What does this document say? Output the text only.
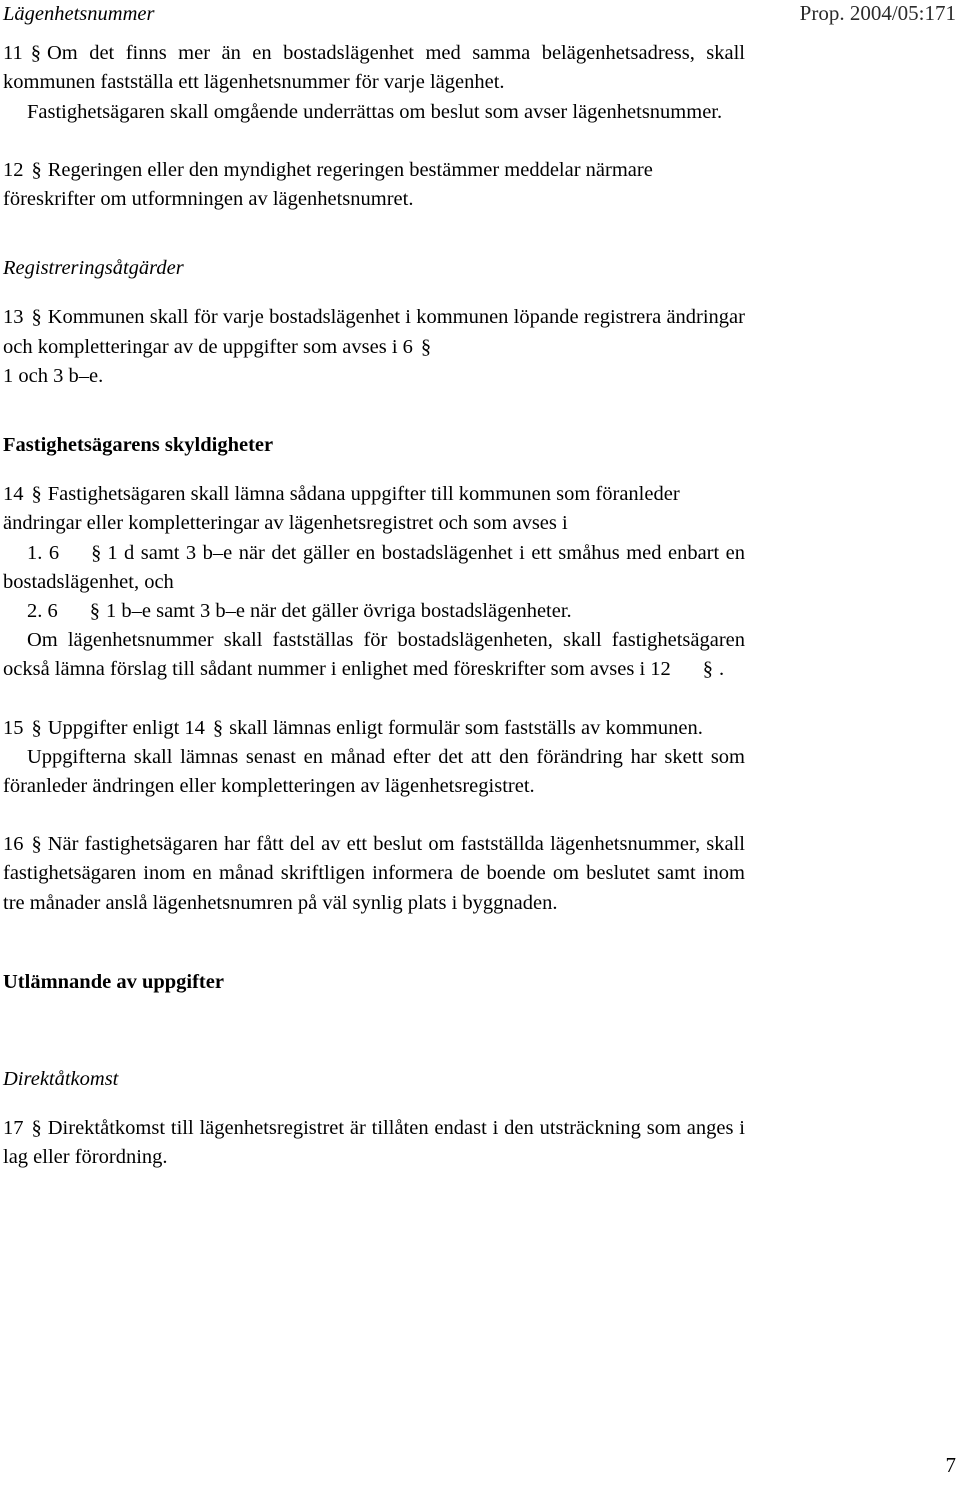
Prop. 2004/05:171

Lägenhetsnummer

11 § Om det finns mer än en bostadslägenhet med samma belägenhetsadress, skall kommunen fastställa ett lägenhetsnummer för varje lägenhet.

Fastighetsägaren skall omgående underrättas om beslut som avser lägenhetsnummer.

12 § Regeringen eller den myndighet regeringen bestämmer meddelar närmare föreskrifter om utformningen av lägenhetsnumret.

Registreringsåtgärder

13 § Kommunen skall för varje bostadslägenhet i kommunen löpande registrera ändringar och kompletteringar av de uppgifter som avses i 6 §

1 och 3 b–e.

Fastighetsägarens skyldigheter

14 § Fastighetsägaren skall lämna sådana uppgifter till kommunen som föranleder ändringar eller kompletteringar av lägenhetsregistret och som avses i

1. 6 § 1 d samt 3 b–e när det gäller en bostadslägenhet i ett småhus med enbart en bostadslägenhet, och

2. 6 § 1 b–e samt 3 b–e när det gäller övriga bostadslägenheter.

Om lägenhetsnummer skall fastställas för bostadslägenheten, skall fastighetsägaren också lämna förslag till sådant nummer i enlighet med föreskrifter som avses i 12 § .

15 § Uppgifter enligt 14 § skall lämnas enligt formulär som fastställs av kommunen.

Uppgifterna skall lämnas senast en månad efter det att den förändring har skett som föranleder ändringen eller kompletteringen av lägenhetsregistret.

16 § När fastighetsägaren har fått del av ett beslut om fastställda lägenhetsnummer, skall fastighetsägaren inom en månad skriftligen informera de boende om beslutet samt inom tre månader anslå lägenhetsnumren på väl synlig plats i byggnaden.

Utlämnande av uppgifter

Direktåtkomst

17 § Direktåtkomst till lägenhetsregistret är tillåten endast i den utsträckning som anges i lag eller förordning.

7
